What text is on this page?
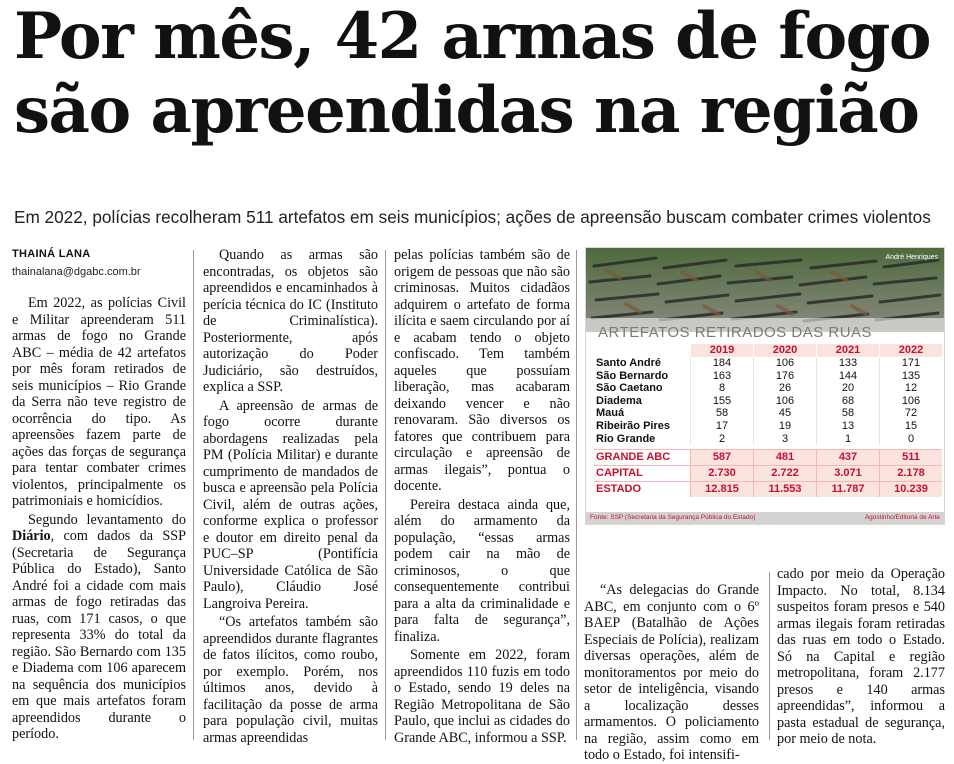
Por mês, 42 armas de fogo
são apreendidas na região

Em 2022, polícias recolheram 511 artefatos em seis municípios; ações de apreensão buscam combater crimes violentos

THAINÁ LANA
thainalana@dgabc.com.br

Em 2022, as polícias Civil e Militar apreenderam 511 armas de fogo no Grande ABC – média de 42 artefatos por mês foram retirados de seis municípios – Rio Grande da Serra não teve registro de ocorrência do tipo. As apreensões fazem parte de ações das forças de segurança para tentar combater crimes violentos, principalmente os patrimoniais e homicídios.

Segundo levantamento do Diário, com dados da SSP (Secretaria de Segurança Pública do Estado), Santo André foi a cidade com mais armas de fogo retiradas das ruas, com 171 casos, o que representa 33% do total da região. São Bernardo com 135 e Diadema com 106 aparecem na sequência dos municípios em que mais artefatos foram apreendidos durante o período.

Quando as armas são encontradas, os objetos são apreendidos e encaminhados à perícia técnica do IC (Instituto de Criminalística). Posteriormente, após autorização do Poder Judiciário, são destruídos, explica a SSP.

A apreensão de armas de fogo ocorre durante abordagens realizadas pela PM (Polícia Militar) e durante cumprimento de mandados de busca e apreensão pela Polícia Civil, além de outras ações, conforme explica o professor e doutor em direito penal da PUC–SP (Pontifícia Universidade Católica de São Paulo), Cláudio José Langroiva Pereira.

“Os artefatos também são apreendidos durante flagrantes de fatos ilícitos, como roubo, por exemplo. Porém, nos últimos anos, devido à facilitação da posse de arma para população civil, muitas armas apreendidas

pelas polícias também são de origem de pessoas que não são criminosas. Muitos cidadãos adquirem o artefato de forma ilícita e saem circulando por aí e acabam tendo o objeto confiscado. Tem também aqueles que possuíam liberação, mas acabaram deixando vencer e não renovaram. São diversos os fatores que contribuem para circulação e apreensão de armas ilegais”, pontua o docente.

Pereira destaca ainda que, além do armamento da população, “essas armas podem cair na mão de criminosos, o que consequentemente contribui para a alta da criminalidade e para falta de segurança”, finaliza.

Somente em 2022, foram apreendidos 110 fuzis em todo o Estado, sendo 19 deles na Região Metropolitana de São Paulo, que inclui as cidades do Grande ABC, informou a SSP.

André Henriques
ARTEFATOS RETIRADOS DAS RUAS
	2019	2020	2021	2022
Santo André	184	106	133	171
São Bernardo	163	176	144	135
São Caetano	8	26	20	12
Diadema	155	106	68	106
Mauá	58	45	58	72
Ribeirão Pires	17	19	13	15
Rio Grande	2	3	1	0

GRANDE ABC	587	481	437	511
CAPITAL	2.730	2.722	3.071	2.178
ESTADO	12.815	11.553	11.787	10.239
Fonte: SSP (Secretaria da Segurança Pública do Estado)	Agostinho/Editoria de Arte

“As delegacias do Grande ABC, em conjunto com o 6º BAEP (Batalhão de Ações Especiais de Polícia), realizam diversas operações, além de monitoramentos por meio do setor de inteligência, visando a localização desses armamentos. O policiamento na região, assim como em todo o Estado, foi intensifi-

cado por meio da Operação Impacto. No total, 8.134 suspeitos foram presos e 540 armas ilegais foram retiradas das ruas em todo o Estado. Só na Capital e região metropolitana, foram 2.177 presos e 140 armas apreendidas”, informou a pasta estadual de segurança, por meio de nota.
